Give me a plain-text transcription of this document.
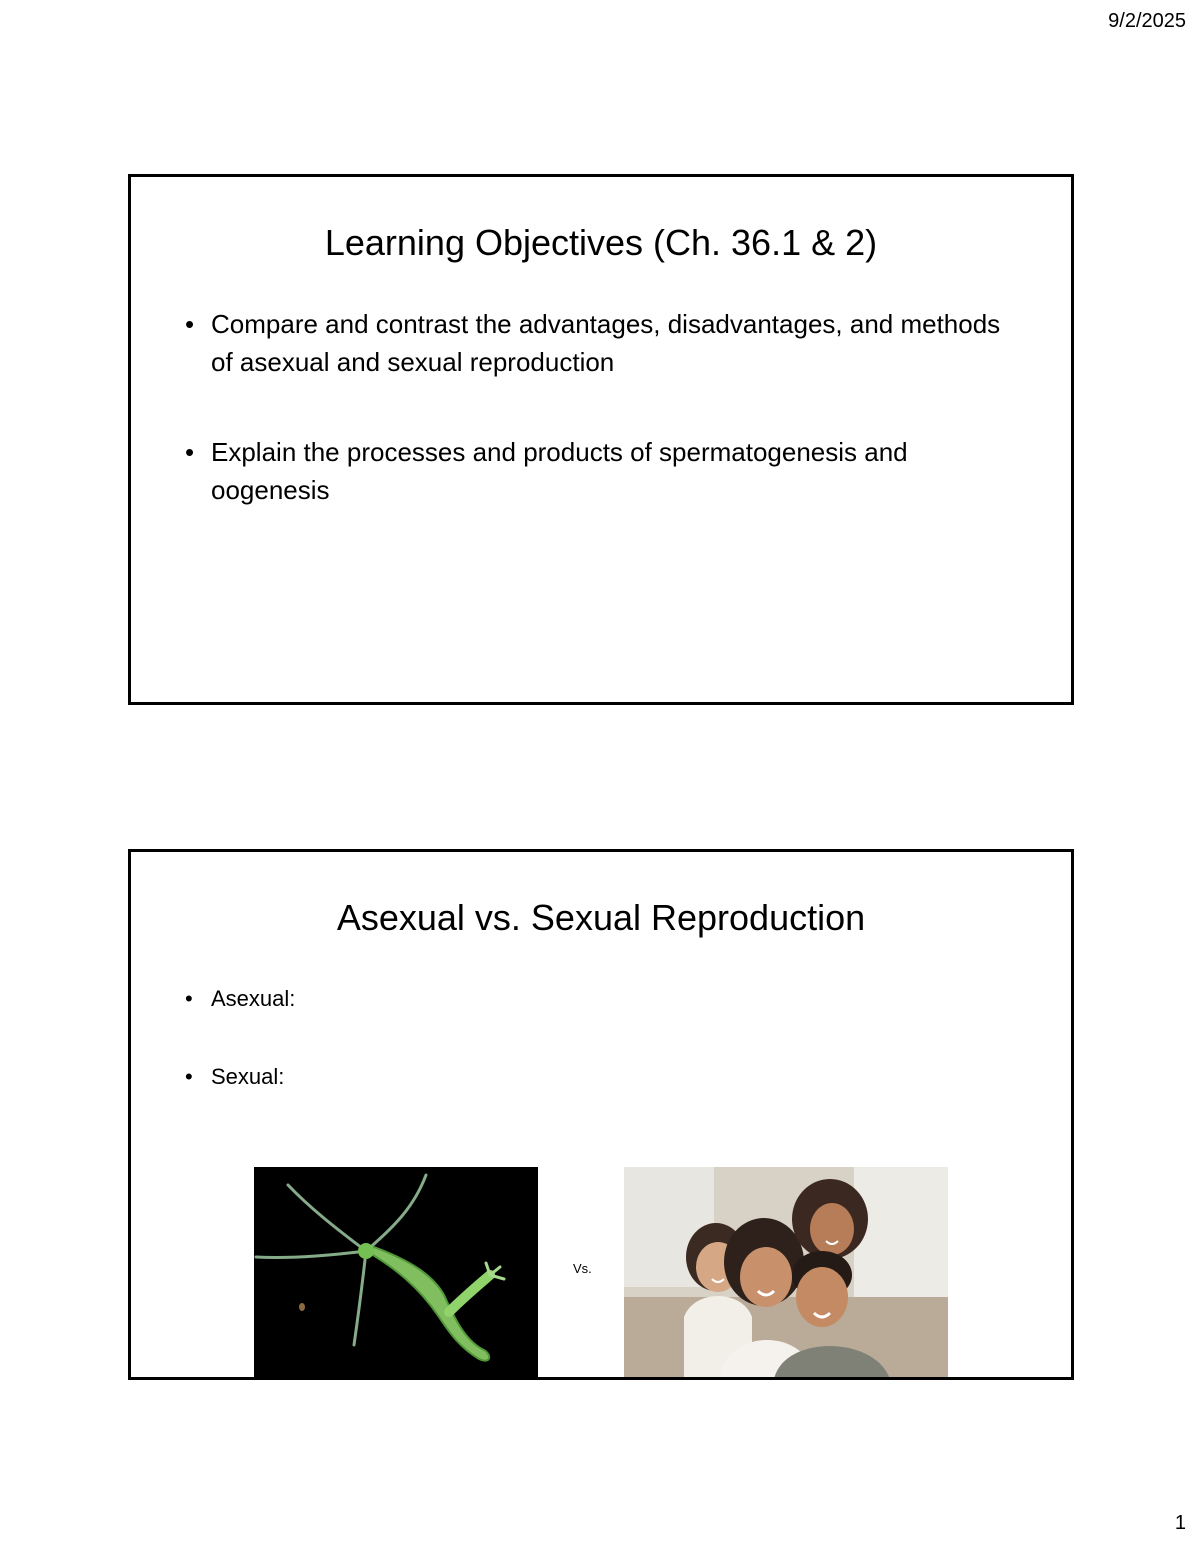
9/2/2025
Learning Objectives (Ch. 36.1 & 2)
• Compare and contrast the advantages, disadvantages, and methods of asexual and sexual reproduction
• Explain the processes and products of spermatogenesis and oogenesis
Asexual vs. Sexual Reproduction
• Asexual:
• Sexual:
Vs.
1
